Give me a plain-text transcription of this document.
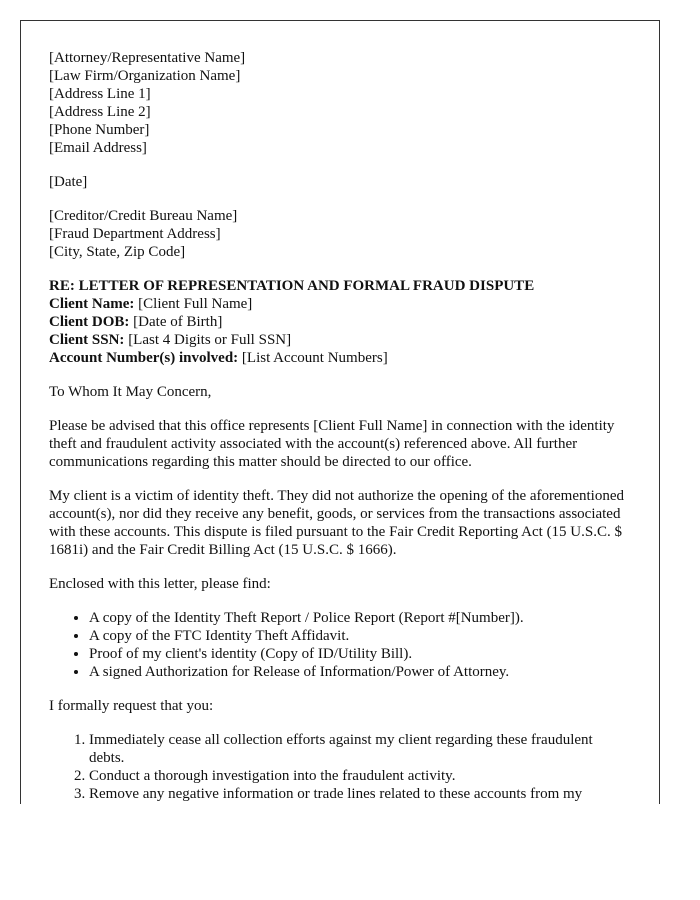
[Attorney/Representative Name]
[Law Firm/Organization Name]
[Address Line 1]
[Address Line 2]
[Phone Number]
[Email Address]

[Date]

[Creditor/Credit Bureau Name]
[Fraud Department Address]
[City, State, Zip Code]

RE: LETTER OF REPRESENTATION AND FORMAL FRAUD DISPUTE
Client Name: [Client Full Name]
Client DOB: [Date of Birth]
Client SSN: [Last 4 Digits or Full SSN]
Account Number(s) involved: [List Account Numbers]

To Whom It May Concern,

Please be advised that this office represents [Client Full Name] in connection with the identity theft and fraudulent activity associated with the account(s) referenced above. All further communications regarding this matter should be directed to our office.

My client is a victim of identity theft. They did not authorize the opening of the aforementioned account(s), nor did they receive any benefit, goods, or services from the transactions associated with these accounts. This dispute is filed pursuant to the Fair Credit Reporting Act (15 U.S.C. $ 1681i) and the Fair Credit Billing Act (15 U.S.C. $ 1666).

Enclosed with this letter, please find:

• A copy of the Identity Theft Report / Police Report (Report #[Number]).
• A copy of the FTC Identity Theft Affidavit.
• Proof of my client's identity (Copy of ID/Utility Bill).
• A signed Authorization for Release of Information/Power of Attorney.

I formally request that you:

1. Immediately cease all collection efforts against my client regarding these fraudulent debts.
2. Conduct a thorough investigation into the fraudulent activity.
3. Remove any negative information or trade lines related to these accounts from my
